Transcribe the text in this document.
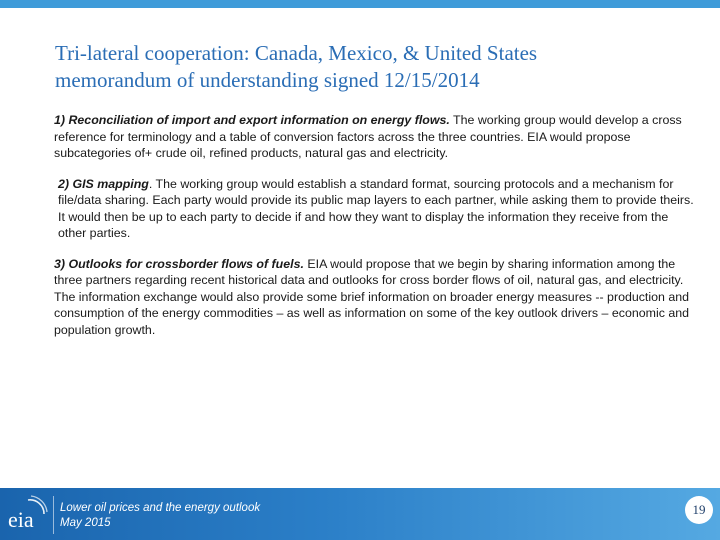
Tri-lateral cooperation: Canada, Mexico, & United States
memorandum of understanding signed 12/15/2014

1) Reconciliation of import and export information on energy flows. The working group would develop a cross reference for terminology and a table of conversion factors across the three countries. EIA would propose subcategories of+ crude oil, refined products, natural gas and electricity.

2) GIS mapping. The working group would establish a standard format, sourcing protocols and a mechanism for file/data sharing. Each party would provide its public map layers to each partner, while asking them to provide theirs. It would then be up to each party to decide if and how they want to display the information they receive from the other parties.

3) Outlooks for crossborder flows of fuels. EIA would propose that we begin by sharing information among the three partners regarding recent historical data and outlooks for cross border flows of oil, natural gas, and electricity. The information exchange would also provide some brief information on broader energy measures -- production and consumption of the energy commodities – as well as information on some of the key outlook drivers – economic and population growth.

eia Lower oil prices and the energy outlook
May 2015
19
